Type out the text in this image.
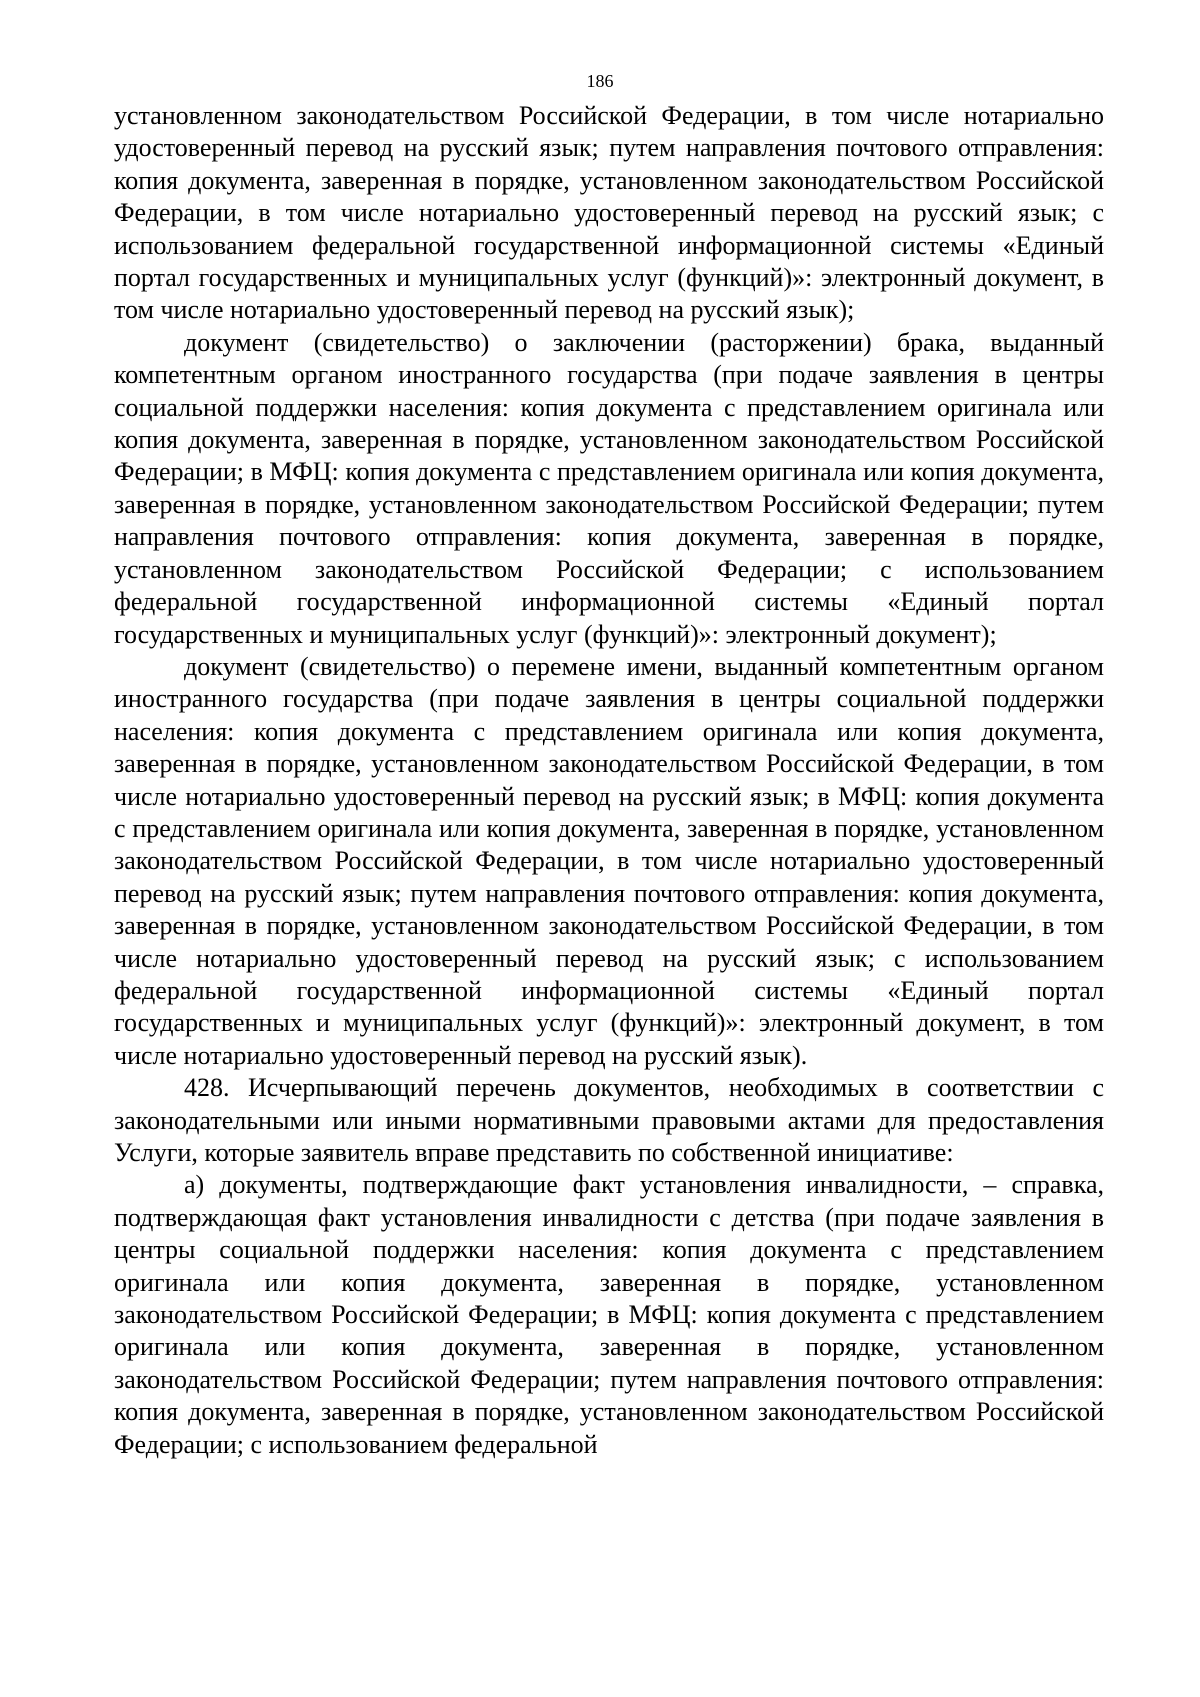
186

установленном законодательством Российской Федерации, в том числе нотариально удостоверенный перевод на русский язык; путем направления почтового отправления: копия документа, заверенная в порядке, установленном законодательством Российской Федерации, в том числе нотариально удостоверенный перевод на русский язык; с использованием федеральной государственной информационной системы «Единый портал государственных и муниципальных услуг (функций)»: электронный документ, в том числе нотариально удостоверенный перевод на русский язык);

документ (свидетельство) о заключении (расторжении) брака, выданный компетентным органом иностранного государства (при подаче заявления в центры социальной поддержки населения: копия документа с представлением оригинала или копия документа, заверенная в порядке, установленном законодательством Российской Федерации; в МФЦ: копия документа с представлением оригинала или копия документа, заверенная в порядке, установленном законодательством Российской Федерации; путем направления почтового отправления: копия документа, заверенная в порядке, установленном законодательством Российской Федерации; с использованием федеральной государственной информационной системы «Единый портал государственных и муниципальных услуг (функций)»: электронный документ);

документ (свидетельство) о перемене имени, выданный компетентным органом иностранного государства (при подаче заявления в центры социальной поддержки населения: копия документа с представлением оригинала или копия документа, заверенная в порядке, установленном законодательством Российской Федерации, в том числе нотариально удостоверенный перевод на русский язык; в МФЦ: копия документа с представлением оригинала или копия документа, заверенная в порядке, установленном законодательством Российской Федерации, в том числе нотариально удостоверенный перевод на русский язык; путем направления почтового отправления: копия документа, заверенная в порядке, установленном законодательством Российской Федерации, в том числе нотариально удостоверенный перевод на русский язык; с использованием федеральной государственной информационной системы «Единый портал государственных и муниципальных услуг (функций)»: электронный документ, в том числе нотариально удостоверенный перевод на русский язык).

428. Исчерпывающий перечень документов, необходимых в соответствии с законодательными или иными нормативными правовыми актами для предоставления Услуги, которые заявитель вправе представить по собственной инициативе:

а) документы, подтверждающие факт установления инвалидности, – справка, подтверждающая факт установления инвалидности с детства (при подаче заявления в центры социальной поддержки населения: копия документа с представлением оригинала или копия документа, заверенная в порядке, установленном законодательством Российской Федерации; в МФЦ: копия документа с представлением оригинала или копия документа, заверенная в порядке, установленном законодательством Российской Федерации; путем направления почтового отправления: копия документа, заверенная в порядке, установленном законодательством Российской Федерации; с использованием федеральной
